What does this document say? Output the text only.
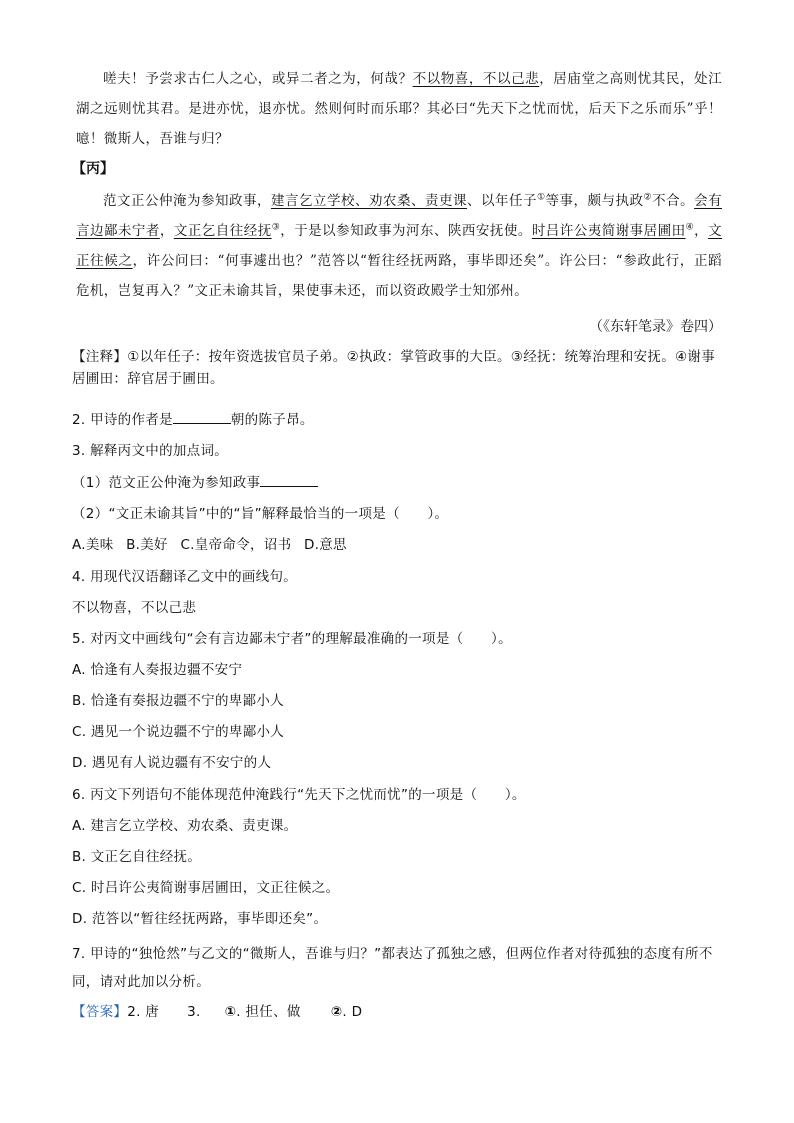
嗟夫！予尝求古仁人之心，或异二者之为，何哉？不以物喜，不以己悲，居庙堂之高则忧其民，处江湖之远则忧其君。是进亦忧，退亦忧。然则何时而乐耶？其必曰“先天下之忧而忧，后天下之乐而乐”乎！噫！微斯人，吾谁与归？
【丙】
范文正公仲淹为参知政事，建言乞立学校、劝农桑、责吏课、以年任子①等事，颇与执政②不合。会有言边鄙未宁者，文正乞自往经抚③，于是以参知政事为河东、陕西安抚使。时吕许公夷简谢事居圃田④，文正往候之，许公问曰：“何事遽出也？”范答以“暂往经抚两路，事毕即还矣”。许公曰：“参政此行，正蹈危机，岂复再入？”文正未谕其旨，果使事未还，而以资政殿学士知邠州。
（《东轩笔录》卷四）
【注释】①以年任子：按年资选拔官员子弟。②执政：掌管政事的大臣。③经抚：统筹治理和安抚。④谢事居圃田：辞官居于圃田。
2. 甲诗的作者是	朝的陈子昂。
3. 解释丙文中的加点词。
（1）范文正公仲淹为参知政事
（2）“文正未谕其旨”中的“旨”解释最恰当的一项是（　　）。
A.美味 B.美好 C.皇帝命令，诏书 D.意思
4. 用现代汉语翻译乙文中的画线句。
不以物喜，不以己悲
5. 对丙文中画线句“会有言边鄙未宁者”的理解最准确的一项是（　　）。
A. 恰逢有人奏报边疆不安宁
B. 恰逢有奏报边疆不宁的卑鄙小人
C. 遇见一个说边疆不宁的卑鄙小人
D. 遇见有人说边疆有不安宁的人
6. 丙文下列语句不能体现范仲淹践行“先天下之忧而忧”的一项是（　　）。
A. 建言乞立学校、劝农桑、责吏课。
B. 文正乞自往经抚。
C. 时吕许公夷简谢事居圃田，文正往候之。
D. 范答以“暂往经抚两路，事毕即还矣”。
7. 甲诗的“独怆然”与乙文的“微斯人，吾谁与归？”都表达了孤独之感，但两位作者对待孤独的态度有所不同，请对此加以分析。
【答案】2. 唐 3. ①. 担任、做 ②. D
